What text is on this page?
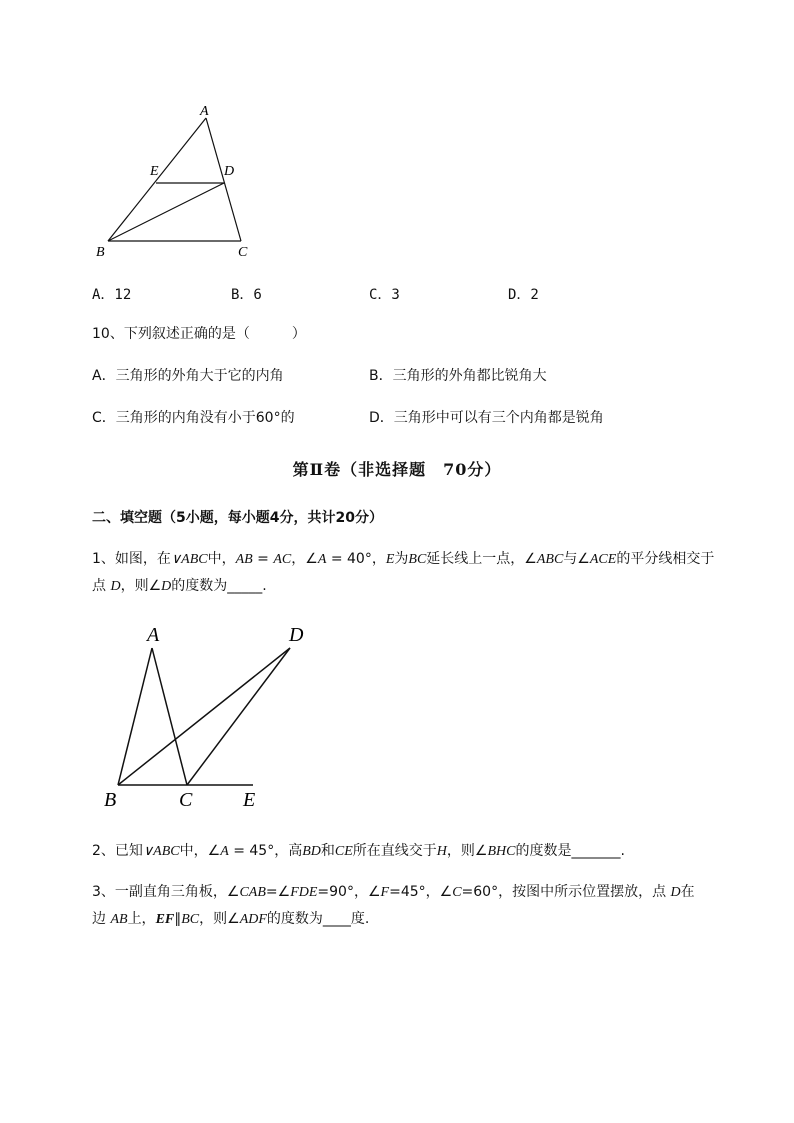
A
E	D
B	C
A．12	B．6	C．3	D．2
10、下列叙述正确的是（　　　）
A．三角形的外角大于它的内角	B．三角形的外角都比锐角大
C．三角形的内角没有小于60°的	D．三角形中可以有三个内角都是锐角
第Ⅱ卷（非选择题　70分）
二、填空题（5小题，每小题4分，共计20分）
1、如图，在∨ABC中，AB = AC，∠A = 40°，E为BC延长线上一点，∠ABC与∠ACE的平分线相交于
点 D，则∠D的度数为_____.
A	D
B	C	E
2、已知∨ABC中，∠A = 45°，高BD和CE所在直线交于H，则∠BHC的度数是_______.
3、一副直角三角板，∠CAB=∠FDE=90°，∠F=45°，∠C=60°，按图中所示位置摆放，点 D在
边 AB上，EF∥BC，则∠ADF的度数为____度.
